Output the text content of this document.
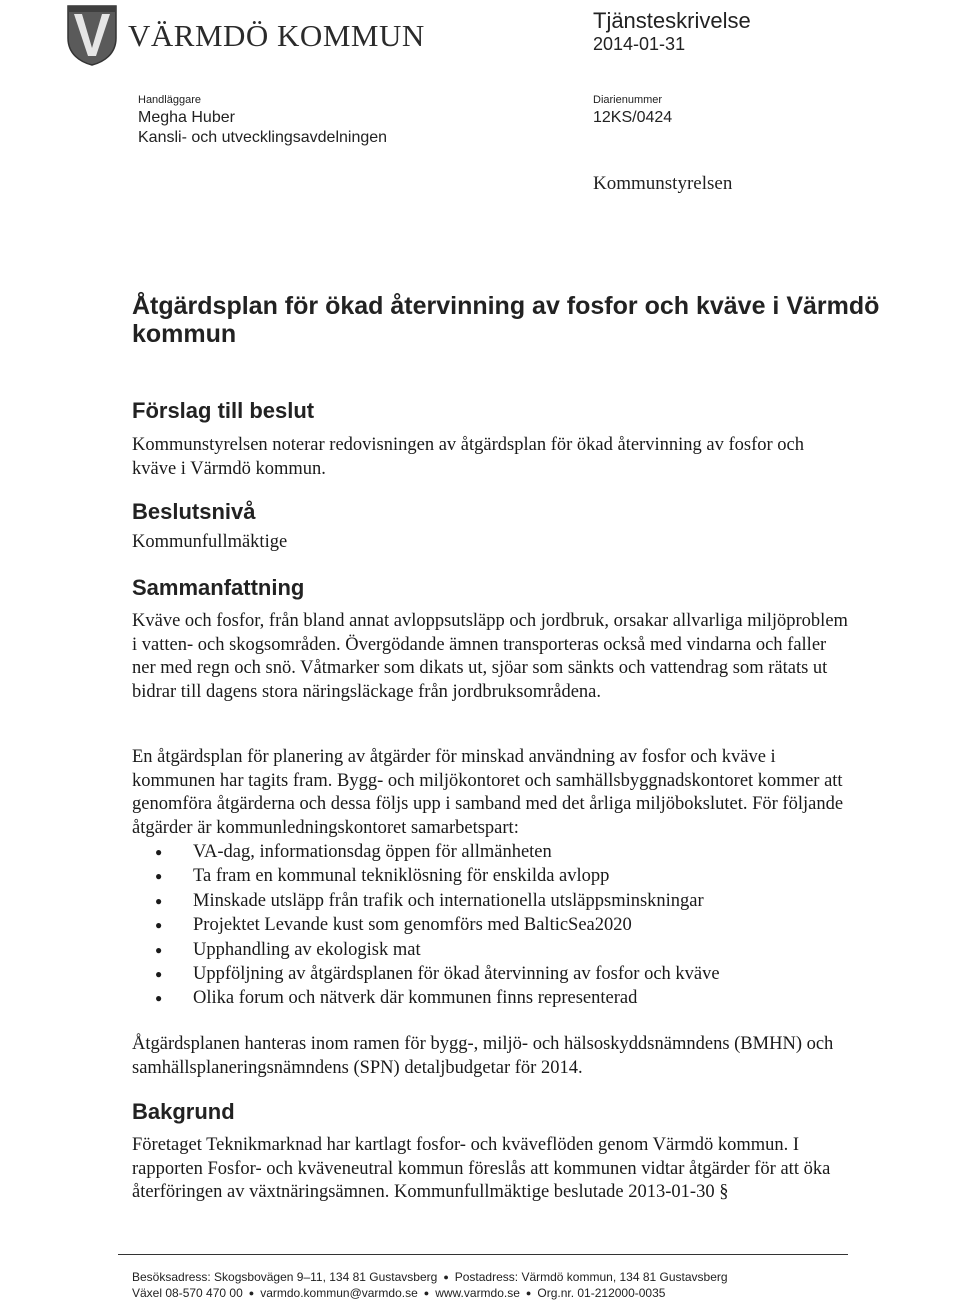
VÄRMDÖ KOMMUN	Tjänsteskrivelse
2014-01-31
Handläggare
Megha Huber
Kansli- och utvecklingsavdelningen
Diarienummer
12KS/0424
Kommunstyrelsen
Åtgärdsplan för ökad återvinning av fosfor och kväve i Värmdö kommun
Förslag till beslut
Kommunstyrelsen noterar redovisningen av åtgärdsplan för ökad återvinning av fosfor och kväve i Värmdö kommun.
Beslutsnivå
Kommunfullmäktige
Sammanfattning
Kväve och fosfor, från bland annat avloppsutsläpp och jordbruk, orsakar allvarliga miljöproblem i vatten- och skogsområden. Övergödande ämnen transporteras också med vindarna och faller ner med regn och snö. Våtmarker som dikats ut, sjöar som sänkts och vattendrag som rätats ut bidrar till dagens stora näringsläckage från jordbruksområdena.
En åtgärdsplan för planering av åtgärder för minskad användning av fosfor och kväve i kommunen har tagits fram. Bygg- och miljökontoret och samhällsbyggnadskontoret kommer att genomföra åtgärderna och dessa följs upp i samband med det årliga miljöbokslutet. För följande åtgärder är kommunledningskontoret samarbetspart:
● VA-dag, informationsdag öppen för allmänheten
● Ta fram en kommunal tekniklösning för enskilda avlopp
● Minskade utsläpp från trafik och internationella utsläppsminskningar
● Projektet Levande kust som genomförs med BalticSea2020
● Upphandling av ekologisk mat
● Uppföljning av åtgärdsplanen för ökad återvinning av fosfor och kväve
● Olika forum och nätverk där kommunen finns representerad
Åtgärdsplanen hanteras inom ramen för bygg-, miljö- och hälsoskyddsnämndens (BMHN) och samhällsplaneringsnämndens (SPN) detaljbudgetar för 2014.
Bakgrund
Företaget Teknikmarknad har kartlagt fosfor- och kväveflöden genom Värmdö kommun. I rapporten Fosfor- och kväveneutral kommun föreslås att kommunen vidtar åtgärder för att öka återföringen av växtnäringsämnen. Kommunfullmäktige beslutade 2013-01-30 §
Besöksadress: Skogsbovägen 9–11, 134 81 Gustavsberg ● Postadress: Värmdö kommun, 134 81 Gustavsberg
Växel 08-570 470 00 ● varmdo.kommun@varmdo.se ● www.varmdo.se ● Org.nr. 01-212000-0035
